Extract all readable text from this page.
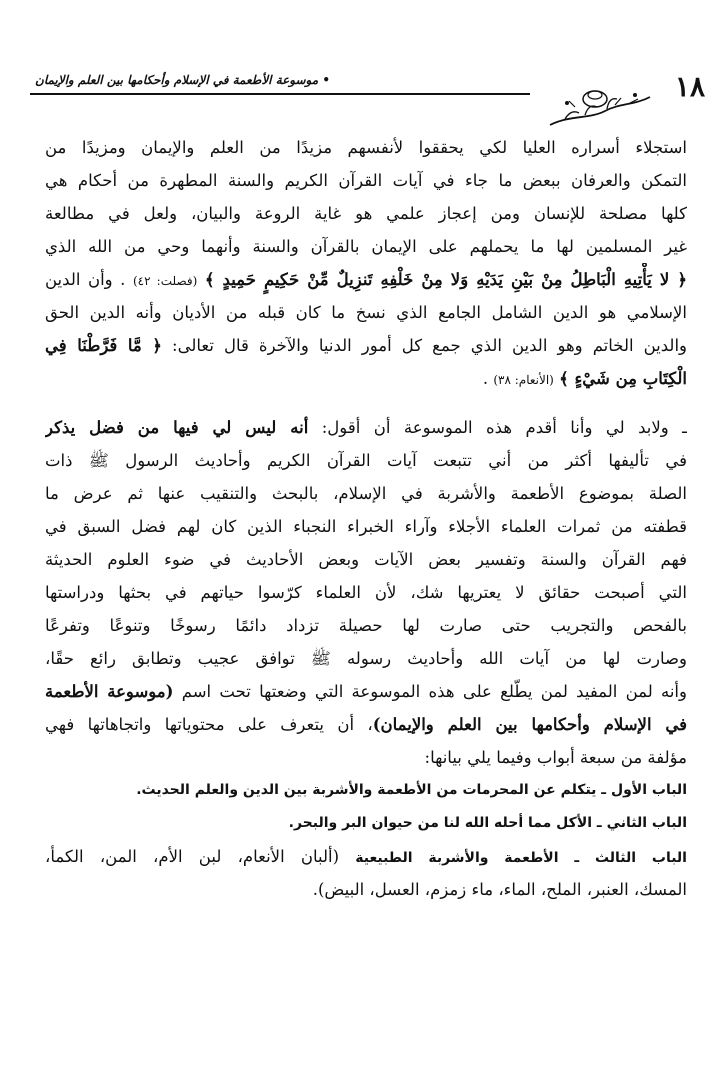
١٨
• موسوعة الأطعمة في الإسلام وأحكامها بين العلم والإيمان
استجلاء أسراره العليا لكي يحققوا لأنفسهم مزيدًا من العلم والإيمان ومزيدًا من
التمكن والعرفان ببعض ما جاء في آيات القرآن الكريم والسنة المطهرة من أحكام هي
كلها مصلحة للإنسان ومن إعجاز علمي هو غاية الروعة والبيان، ولعل في مطالعة
غير المسلمين لها ما يحملهم على الإيمان بالقرآن والسنة وأنهما وحي من الله الذي
﴿ لا يَأْتِيهِ الْبَاطِلُ مِنْ بَيْنِ يَدَيْهِ وَلا مِنْ خَلْفِهِ تَنزِيلٌ مِّنْ حَكِيمٍ حَمِيدٍ ﴾ (فصلت: ٤٢) . وأن الدين
الإسلامي هو الدين الشامل الجامع الذي نسخ ما كان قبله من الأديان وأنه الدين الحق
والدين الخاتم وهو الدين الذي جمع كل أمور الدنيا والآخرة قال تعالى: ﴿ مَّا فَرَّطْنَا فِي
الْكِتَابِ مِن شَيْءٍ ﴾ (الأنعام: ٣٨) .
ـ ولابد لي وأنا أقدم هذه الموسوعة أن أقول: أنه ليس لي فيها من فضل يذكر
في تأليفها أكثر من أني تتبعت آيات القرآن الكريم وأحاديث الرسول ﷺ ذات
الصلة بموضوع الأطعمة والأشربة في الإسلام، بالبحث والتنقيب عنها ثم عرض ما
قطفته من ثمرات العلماء الأجلاء وآراء الخبراء النجباء الذين كان لهم فضل السبق في
فهم القرآن والسنة وتفسير بعض الآيات وبعض الأحاديث في ضوء العلوم الحديثة
التي أصبحت حقائق لا يعتريها شك، لأن العلماء كرّسوا حياتهم في بحثها ودراستها
بالفحص والتجريب حتى صارت لها حصيلة تزداد دائمًا رسوخًا وتنوعًا وتفرعًا
وصارت لها من آيات الله وأحاديث رسوله ﷺ توافق عجيب وتطابق رائع حقًا،
وأنه لمن المفيد لمن يطّلع على هذه الموسوعة التي وضعتها تحت اسم (موسوعة الأطعمة
في الإسلام وأحكامها بين العلم والإيمان)، أن يتعرف على محتوياتها واتجاهاتها فهي
مؤلفة من سبعة أبواب وفيما يلي بيانها:
الباب الأول ـ يتكلم عن المحرمات من الأطعمة والأشربة بين الدين والعلم الحديث.
الباب الثاني ـ الأكل مما أحله الله لنا من حيوان البر والبحر.
الباب الثالث ـ الأطعمة والأشربة الطبيعية (ألبان الأنعام، لبن الأم، المن، الكمأ،
المسك، العنبر، الملح، الماء، ماء زمزم، العسل، البيض).
